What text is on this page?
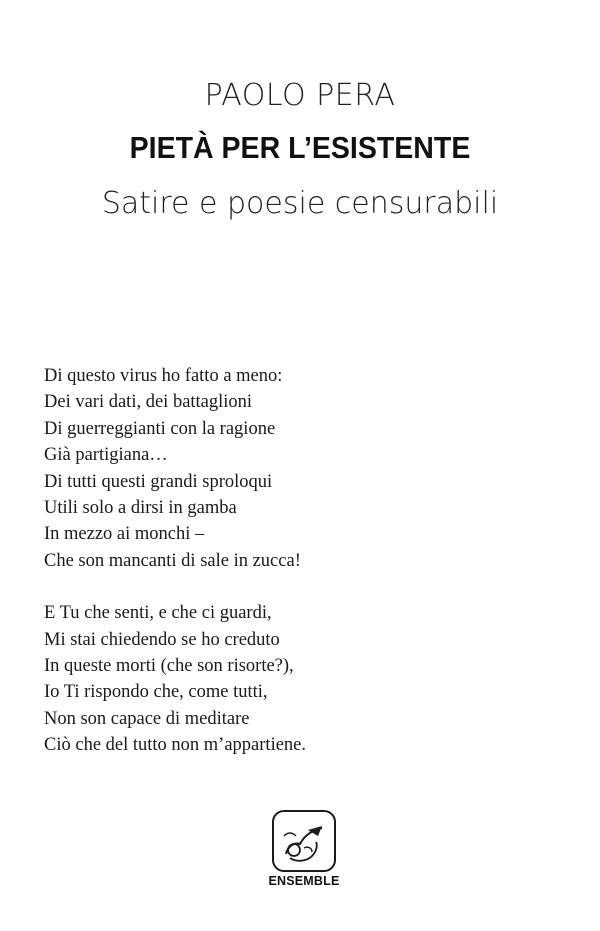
PAOLO PERA
PIETÀ PER L’ESISTENTE
Satire e poesie censurabili
Di questo virus ho fatto a meno:
Dei vari dati, dei battaglioni
Di guerreggianti con la ragione
Già partigiana…
Di tutti questi grandi sproloqui
Utili solo a dirsi in gamba
In mezzo ai monchi –
Che son mancanti di sale in zucca!
E Tu che senti, e che ci guardi,
Mi stai chiedendo se ho creduto
In queste morti (che son risorte?),
Io Ti rispondo che, come tutti,
Non son capace di meditare
Ciò che del tutto non m’appartiene.
ENSEMBLE
